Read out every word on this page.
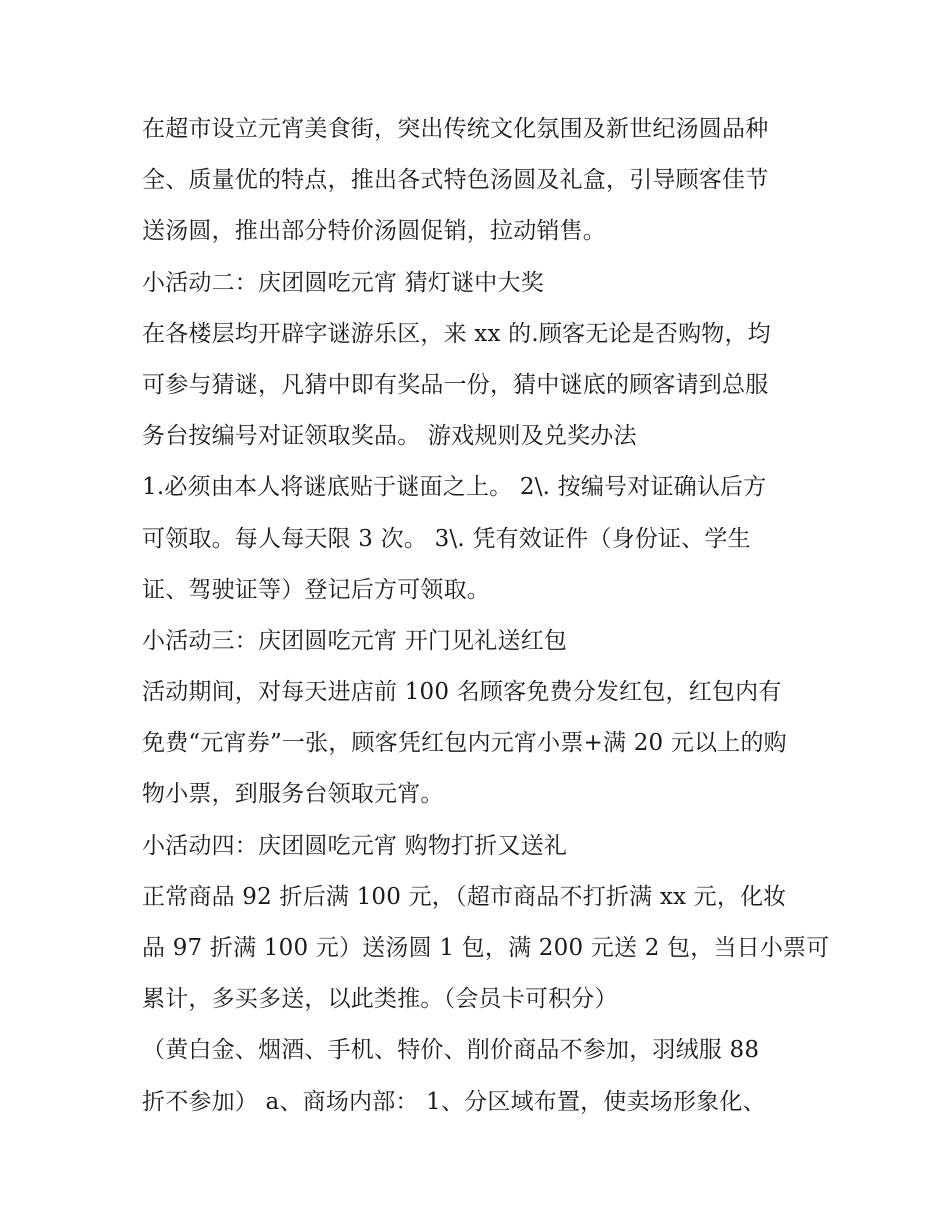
在超市设立元宵美食街，突出传统文化氛围及新世纪汤圆品种
全、质量优的特点，推出各式特色汤圆及礼盒，引导顾客佳节
送汤圆，推出部分特价汤圆促销，拉动销售。
小活动二：庆团圆吃元宵 猜灯谜中大奖
在各楼层均开辟字谜游乐区，来 xx 的.顾客无论是否购物，均
可参与猜谜，凡猜中即有奖品一份，猜中谜底的顾客请到总服
务台按编号对证领取奖品。 游戏规则及兑奖办法
1.必须由本人将谜底贴于谜面之上。 2\. 按编号对证确认后方
可领取。每人每天限 3 次。 3\. 凭有效证件（身份证、学生
证、驾驶证等）登记后方可领取。
小活动三：庆团圆吃元宵 开门见礼送红包
活动期间，对每天进店前 100 名顾客免费分发红包，红包内有
免费“元宵券”一张，顾客凭红包内元宵小票+满 20 元以上的购
物小票，到服务台领取元宵。
小活动四：庆团圆吃元宵 购物打折又送礼
正常商品 92 折后满 100 元，（超市商品不打折满 xx 元，化妆
品 97 折满 100 元）送汤圆 1 包，满 200 元送 2 包，当日小票可
累计，多买多送，以此类推。（会员卡可积分）
（黄白金、烟酒、手机、特价、削价商品不参加，羽绒服 88
折不参加） a、商场内部： 1、分区域布置，使卖场形象化、
